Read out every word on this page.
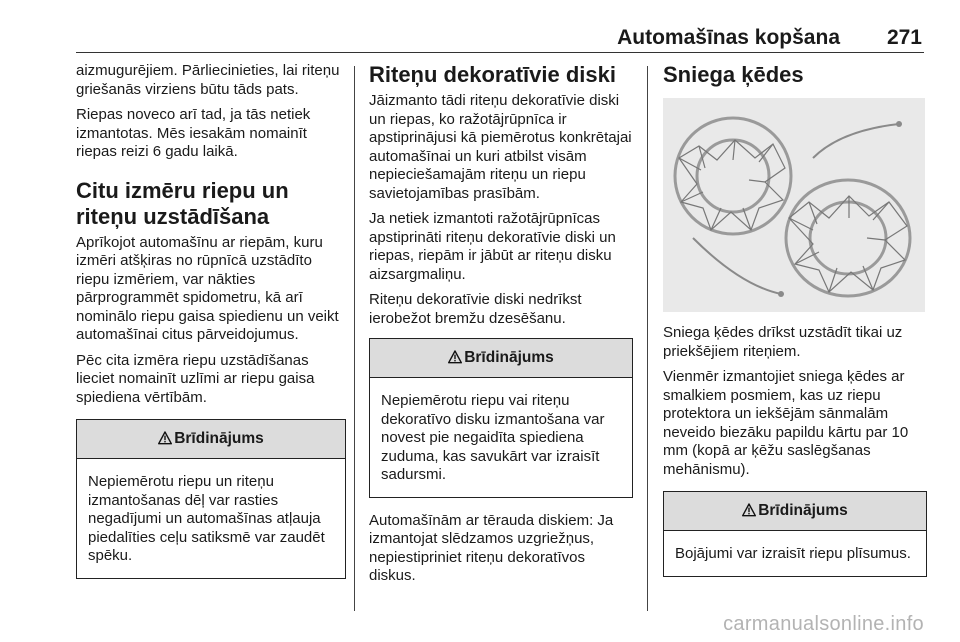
Automašīnas kopšana 271

aizmugurējiem. Pārliecinieties, lai riteņu griešanās virziens būtu tāds pats.

Riepas noveco arī tad, ja tās netiek izmantotas. Mēs iesakām nomainīt riepas reizi 6 gadu laikā.

Citu izmēru riepu un riteņu uzstādīšana

Aprīkojot automašīnu ar riepām, kuru izmēri atšķiras no rūpnīcā uzstādīto riepu izmēriem, var nākties pārprogrammēt spidometru, kā arī nominālo riepu gaisa spiedienu un veikt automašīnai citus pārveidojumus.

Pēc cita izmēra riepu uzstādīšanas lieciet nomainīt uzlīmi ar riepu gaisa spiediena vērtībām.

Brīdinājums
Nepiemērotu riepu un riteņu izmantošanas dēļ var rasties negadījumi un automašīnas atļauja piedalīties ceļu satiksmē var zaudēt spēku.
Riteņu dekoratīvie diski

Jāizmanto tādi riteņu dekoratīvie diski un riepas, ko ražotājrūpnīca ir apstiprinājusi kā piemērotus konkrētajai automašīnai un kuri atbilst visām nepieciešamajām riteņu un riepu savietojamības prasībām.

Ja netiek izmantoti ražotājrūpnīcas apstiprināti riteņu dekoratīvie diski un riepas, riepām ir jābūt ar riteņu disku aizsargmaliņu.

Riteņu dekoratīvie diski nedrīkst ierobežot bremžu dzesēšanu.

Brīdinājums
Nepiemērotu riepu vai riteņu dekoratīvo disku izmantošana var novest pie negaidīta spiediena zuduma, kas savukārt var izraisīt sadursmi.

Automašīnām ar tērauda diskiem: Ja izmantojat slēdzamos uzgriežņus, nepiestipriniet riteņu dekoratīvos diskus.

Sniega ķēdes

Sniega ķēdes drīkst uzstādīt tikai uz priekšējiem riteņiem.

Vienmēr izmantojiet sniega ķēdes ar smalkiem posmiem, kas uz riepu protektora un iekšējām sānmalām neveido biezāku papildu kārtu par 10 mm (kopā ar ķēžu saslēgšanas mehānismu).

Brīdinājums
Bojājumi var izraisīt riepu plīsumus.
carmanualsonline.info
